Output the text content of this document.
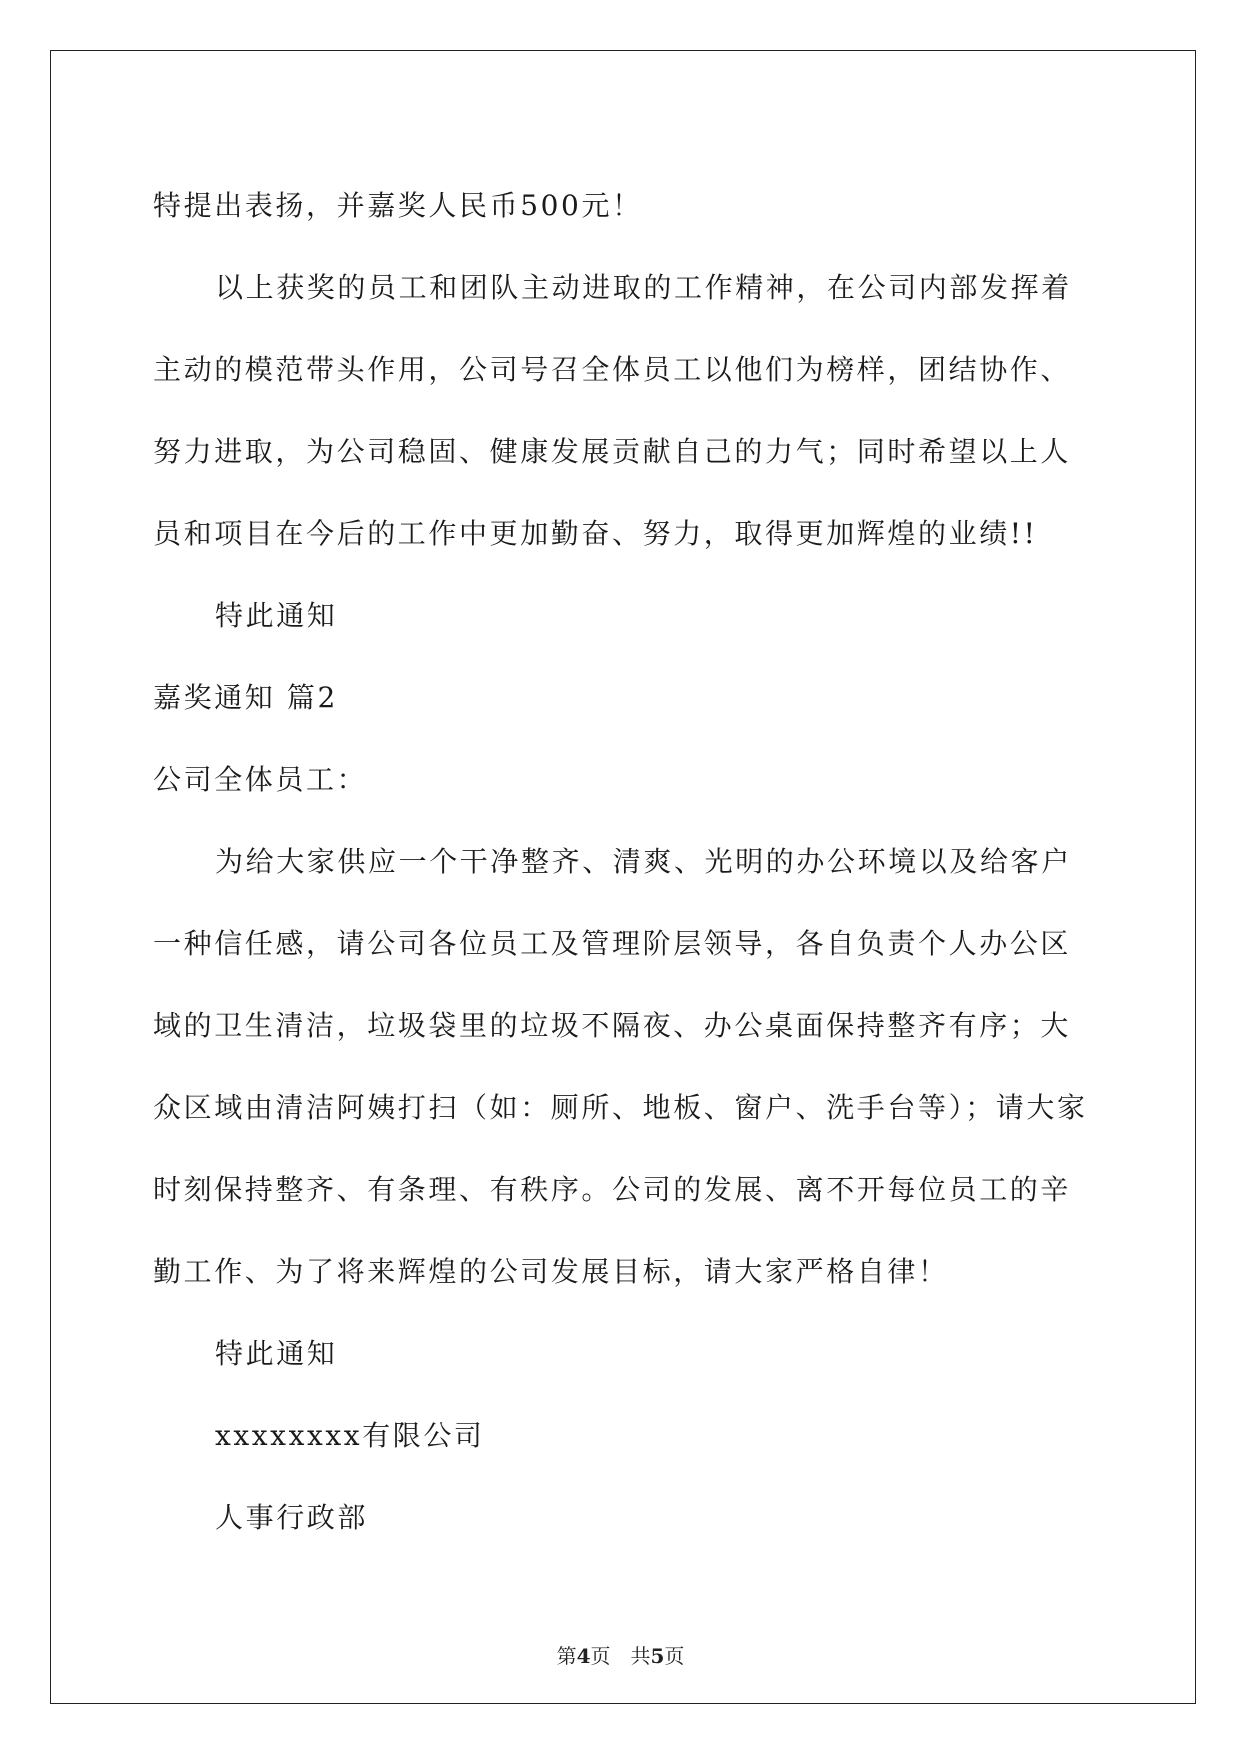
特提出表扬，并嘉奖人民币500元！
以上获奖的员工和团队主动进取的工作精神，在公司内部发挥着
主动的模范带头作用，公司号召全体员工以他们为榜样，团结协作、
努力进取，为公司稳固、健康发展贡献自己的力气；同时希望以上人
员和项目在今后的工作中更加勤奋、努力，取得更加辉煌的业绩!!
特此通知
嘉奖通知 篇2
公司全体员工：
为给大家供应一个干净整齐、清爽、光明的办公环境以及给客户
一种信任感，请公司各位员工及管理阶层领导，各自负责个人办公区
域的卫生清洁，垃圾袋里的垃圾不隔夜、办公桌面保持整齐有序；大
众区域由清洁阿姨打扫（如：厕所、地板、窗户、洗手台等）；请大家
时刻保持整齐、有条理、有秩序。公司的发展、离不开每位员工的辛
勤工作、为了将来辉煌的公司发展目标，请大家严格自律！
特此通知
xxxxxxxx有限公司
人事行政部
第4页　共5页
